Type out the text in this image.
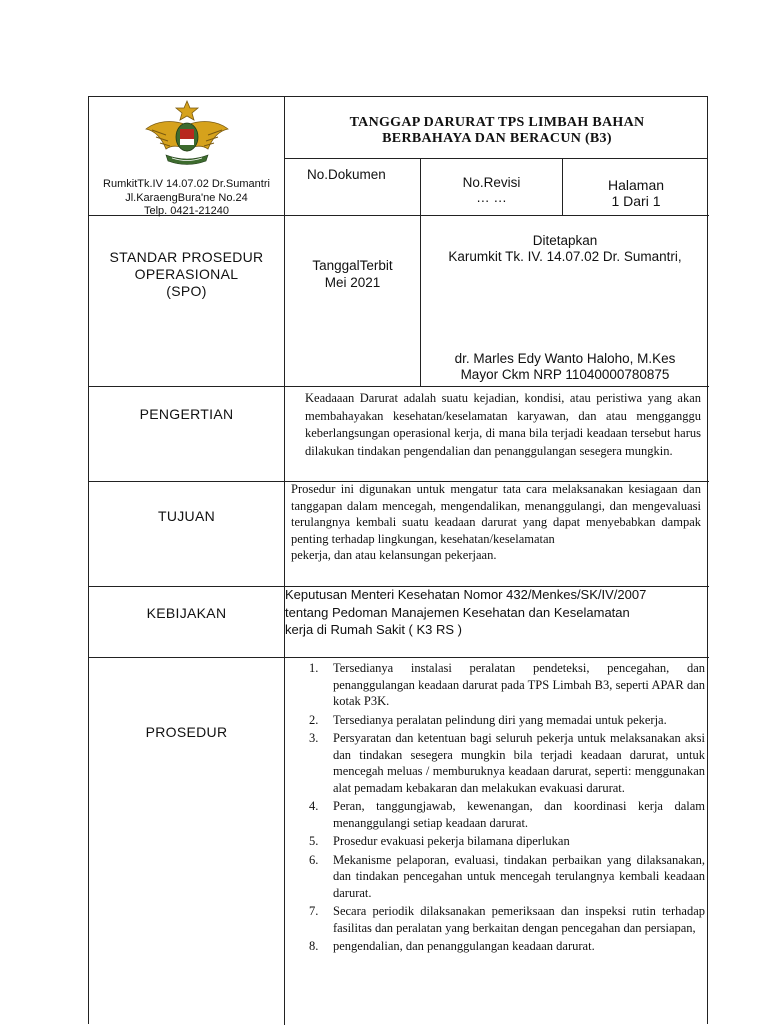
RumkitTk.IV 14.07.02 Dr.Sumantri
Jl.KaraengBura'ne No.24
Telp. 0421-21240
TANGGAP DARURAT TPS LIMBAH BAHAN
BERBAHAYA DAN BERACUN (B3)
No.Dokumen
No.Revisi
… …
Halaman
1 Dari 1
STANDAR PROSEDUR
OPERASIONAL
(SPO)
TanggalTerbit
Mei 2021
Ditetapkan
Karumkit Tk. IV. 14.07.02 Dr. Sumantri,
dr. Marles Edy Wanto Haloho, M.Kes
Mayor Ckm NRP 11040000780875
PENGERTIAN
Keadaaan Darurat adalah suatu kejadian, kondisi, atau peristiwa yang akan membahayakan kesehatan/keselamatan karyawan, dan atau mengganggu keberlangsungan operasional kerja, di mana bila terjadi keadaan tersebut harus dilakukan tindakan pengendalian dan penanggulangan sesegera mungkin.
TUJUAN
Prosedur ini digunakan untuk mengatur tata cara melaksanakan kesiagaan dan tanggapan dalam mencegah, mengendalikan, menanggulangi, dan mengevaluasi terulangnya kembali suatu keadaan darurat yang dapat menyebabkan dampak penting terhadap lingkungan, kesehatan/keselamatan
pekerja, dan atau kelansungan pekerjaan.
KEBIJAKAN
Keputusan Menteri Kesehatan Nomor 432/Menkes/SK/IV/2007
tentang Pedoman Manajemen Kesehatan dan Keselamatan
kerja di Rumah Sakit ( K3 RS )
PROSEDUR
1. Tersedianya instalasi peralatan pendeteksi, pencegahan, dan penanggulangan keadaan darurat pada TPS Limbah B3, seperti APAR dan kotak P3K.
2. Tersedianya peralatan pelindung diri yang memadai untuk pekerja.
3. Persyaratan dan ketentuan bagi seluruh pekerja untuk melaksanakan aksi dan tindakan sesegera mungkin bila terjadi keadaan darurat, untuk mencegah meluas / memburuknya keadaan darurat, seperti: menggunakan alat pemadam kebakaran dan melakukan evakuasi darurat.
4. Peran, tanggungjawab, kewenangan, dan koordinasi kerja dalam menanggulangi setiap keadaan darurat.
5. Prosedur evakuasi pekerja bilamana diperlukan
6. Mekanisme pelaporan, evaluasi, tindakan perbaikan yang dilaksanakan, dan tindakan pencegahan untuk mencegah terulangnya kembali keadaan darurat.
7. Secara periodik dilaksanakan pemeriksaan dan inspeksi rutin terhadap fasilitas dan peralatan yang berkaitan dengan pencegahan dan persiapan,
8. pengendalian, dan penanggulangan keadaan darurat.
